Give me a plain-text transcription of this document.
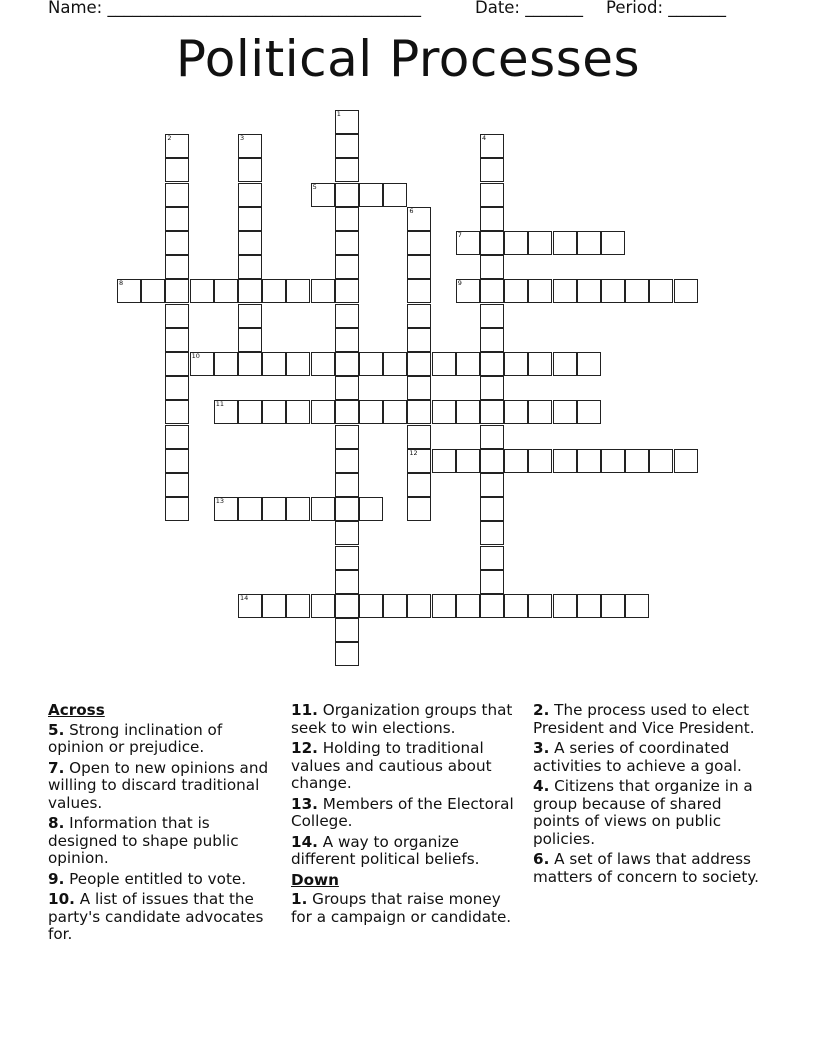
Name: ______________________________________	Date: _______ Period: _______
Political Processes
1
2	3	4
5
6
12
7
8	9
10
11
13
14
Across
5. Strong inclination of opinion or prejudice.
7. Open to new opinions and willing to discard traditional values.
8. Information that is designed to shape public opinion.
9. People entitled to vote.
10. A list of issues that the party's candidate advocates for.
11. Organization groups that seek to win elections.
12. Holding to traditional values and cautious about change.
13. Members of the Electoral College.
14. A way to organize different political beliefs.
Down
1. Groups that raise money for a campaign or candidate.
2. The process used to elect President and Vice President.
3. A series of coordinated activities to achieve a goal.
4. Citizens that organize in a group because of shared points of views on public policies.
6. A set of laws that address matters of concern to society.
